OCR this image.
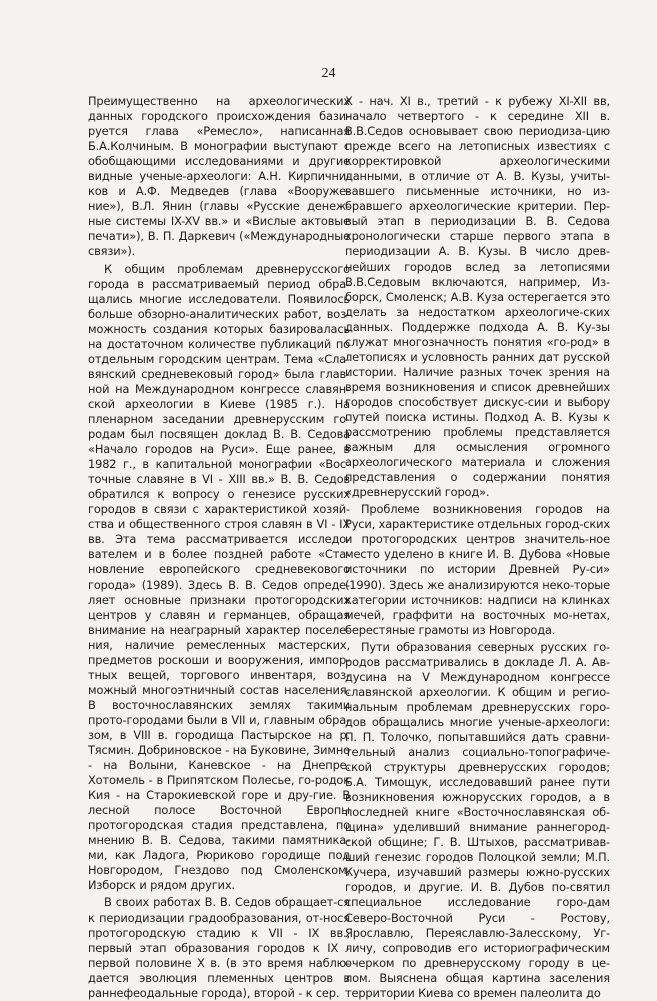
24

Преимущественно на археологических данных городского происхождения бази-руется глава «Ремесло», написанная Б.А.Колчиным. В монографии выступают с обобщающими исследованиями и другие видные ученые-археологи: А.Н. Кирпични-ков и А.Ф. Медведев (глава «Вооруже-ние»), В.Л. Янин (главы «Русские денеж-ные системы IX-XV вв.» и «Вислые актовые печати»), В. П. Даркевич («Международные связи»).

К общим проблемам древнерусского города в рассматриваемый период обра-щались многие исследователи. Появилось больше обзорно-аналитических работ, воз-можность создания которых базировалась на достаточном количестве публикаций по отдельным городским центрам. Тема «Сла-вянский средневековый город» была глав-ной на Международном конгрессе славян-ской археологии в Киеве (1985 г.). На пленарном заседании древнерусским го-родам был посвящен доклад В. В. Седова «Начало городов на Руси». Еще ранее, в 1982 г., в капитальной монографии «Вос-точные славяне в VI - XIII вв.» В. В. Седов обратился к вопросу о генезисе русских городов в связи с характеристикой хозяй-ства и общественного строя славян в VI - IX вв. Эта тема рассматривается исследо-вателем и в более поздней работе «Ста-новление европейского средневекового города» (1989). Здесь В. В. Седов опреде-ляет основные признаки протогородских центров у славян и германцев, обращая внимание на неаграрный характер поселе-ния, наличие ремесленных мастерских, предметов роскоши и вооружения, импор-тных вещей, торгового инвентаря, воз-можный многоэтничный состав населения. В восточнославянских землях такими прото-городами были в VII и, главным обра-зом, в VIII в. городища Пастырское на р. Тясмин. Добриновское - на Буковине, Зимно - на Волыни, Каневское - на Днепре. Хотомель - в Припятском Полесье, го-родок Кия - на Старокиевской горе и дру-гие. В лесной полосе Восточной Европы протогородская стадия представлена, по мнению В. В. Седова, такими памятника-ми, как Ладога, Рюриково городище под Новгородом, Гнездово под Смоленском, Изборск и рядом других.

В своих работах В. В. Седов обращает-ся к периодизации градообразования, от-нося протогородскую стадию к VII - IX вв., первый этап образования городов к IX - первой половине X в. (в это время наблю-дается эволюция племенных центров в раннефеодальные города), второй - к сер.

X - нач. XI в., третий - к рубежу XI-XII вв, начало четвертого - к середине XII в. В.В.Седов основывает свою периодиза-цию прежде всего на летописных известиях с корректировкой археологическими данными, в отличие от А. В. Кузы, учиты-вавшего письменные источники, но из-бравшего археологические критерии. Пер-вый этап в периодизации В. В. Седова хронологически старше первого этапа в периодизации А. В. Кузы. В число древ-нейших городов вслед за летописями В.В.Седовым включаются, например, Из-борск, Смоленск; А.В. Куза остерегается это делать за недостатком археологиче-ских данных. Поддержке подхода А. В. Ку-зы служат многозначность понятия «го-род» в летописях и условность ранних дат русской истории. Наличие разных точек зрения на время возникновения и список древнейших городов способствует дискус-сии и выбору путей поиска истины. Подход А. В. Кузы к рассмотрению проблемы представляется важным для осмысления огромного археологического материала и сложения представления о содержании понятия «древнерусский город».

Проблеме возникновения городов на Руси, характеристике отдельных город-ских и протогородских центров значитель-ное место уделено в книге И. В. Дубова «Новые источники по истории Древней Ру-си» (1990). Здесь же анализируются неко-торые категории источников: надписи на клинках мечей, граффити на восточных мо-нетах, берестяные грамоты из Новгорода.

Пути образования северных русских го-родов рассматривались в докладе Л. А. Ав-дусина на V Международном конгрессе славянской археологии. К общим и регио-нальным проблемам древнерусских горо-дов обращались многие ученые-археологи: П. П. Толочко, попытавшийся дать сравни-тельный анализ социально-топографиче-ской структуры древнерусских городов; Б.А. Тимощук, исследовавший ранее пути возникновения южнорусских городов, а в последней книге «Восточнославянская об-щина» уделивший внимание раннегород-ской общине; Г. В. Штыхов, рассматривав-ший генезис городов Полоцкой земли; М.П. Кучера, изучавший размеры южно-русских городов, и другие. И. В. Дубов по-святил специальное исследование горо-дам Северо-Восточной Руси - Ростову, Ярославлю, Переяславлю-Залесскому, Уг-личу, сопроводив его историографическим очерком по древнерусскому городу в це-лом. Выяснена общая картина заселения территории Киева со времен палеолита до
